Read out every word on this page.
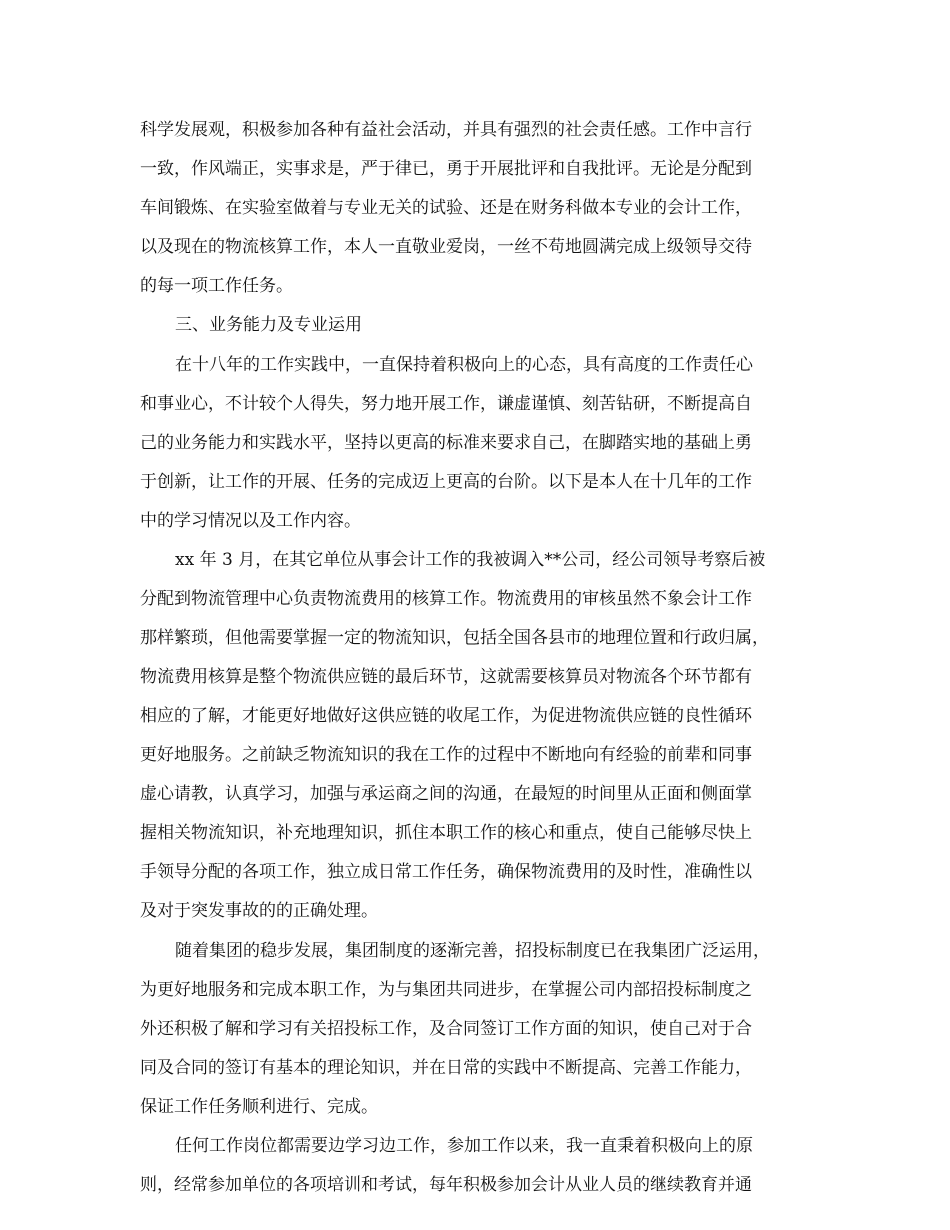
科学发展观，积极参加各种有益社会活动，并具有强烈的社会责任感。工作中言行
一致，作风端正，实事求是，严于律已，勇于开展批评和自我批评。无论是分配到
车间锻炼、在实验室做着与专业无关的试验、还是在财务科做本专业的会计工作，
以及现在的物流核算工作，本人一直敬业爱岗，一丝不苟地圆满完成上级领导交待
的每一项工作任务。
三、业务能力及专业运用
在十八年的工作实践中，一直保持着积极向上的心态，具有高度的工作责任心
和事业心，不计较个人得失，努力地开展工作，谦虚谨慎、刻苦钻研，不断提高自
己的业务能力和实践水平，坚持以更高的标准来要求自己，在脚踏实地的基础上勇
于创新，让工作的开展、任务的完成迈上更高的台阶。以下是本人在十几年的工作
中的学习情况以及工作内容。
xx 年 3 月，在其它单位从事会计工作的我被调入**公司，经公司领导考察后被
分配到物流管理中心负责物流费用的核算工作。物流费用的审核虽然不象会计工作
那样繁琐，但他需要掌握一定的物流知识，包括全国各县市的地理位置和行政归属，
物流费用核算是整个物流供应链的最后环节，这就需要核算员对物流各个环节都有
相应的了解，才能更好地做好这供应链的收尾工作，为促进物流供应链的良性循环
更好地服务。之前缺乏物流知识的我在工作的过程中不断地向有经验的前辈和同事
虚心请教，认真学习，加强与承运商之间的沟通，在最短的时间里从正面和侧面掌
握相关物流知识，补充地理知识，抓住本职工作的核心和重点，使自己能够尽快上
手领导分配的各项工作，独立成日常工作任务，确保物流费用的及时性，准确性以
及对于突发事故的的正确处理。
随着集团的稳步发展，集团制度的逐渐完善，招投标制度已在我集团广泛运用，
为更好地服务和完成本职工作，为与集团共同进步，在掌握公司内部招投标制度之
外还积极了解和学习有关招投标工作，及合同签订工作方面的知识，使自己对于合
同及合同的签订有基本的理论知识，并在日常的实践中不断提高、完善工作能力，
保证工作任务顺利进行、完成。
任何工作岗位都需要边学习边工作，参加工作以来，我一直秉着积极向上的原
则，经常参加单位的各项培训和考试，每年积极参加会计从业人员的继续教育并通
